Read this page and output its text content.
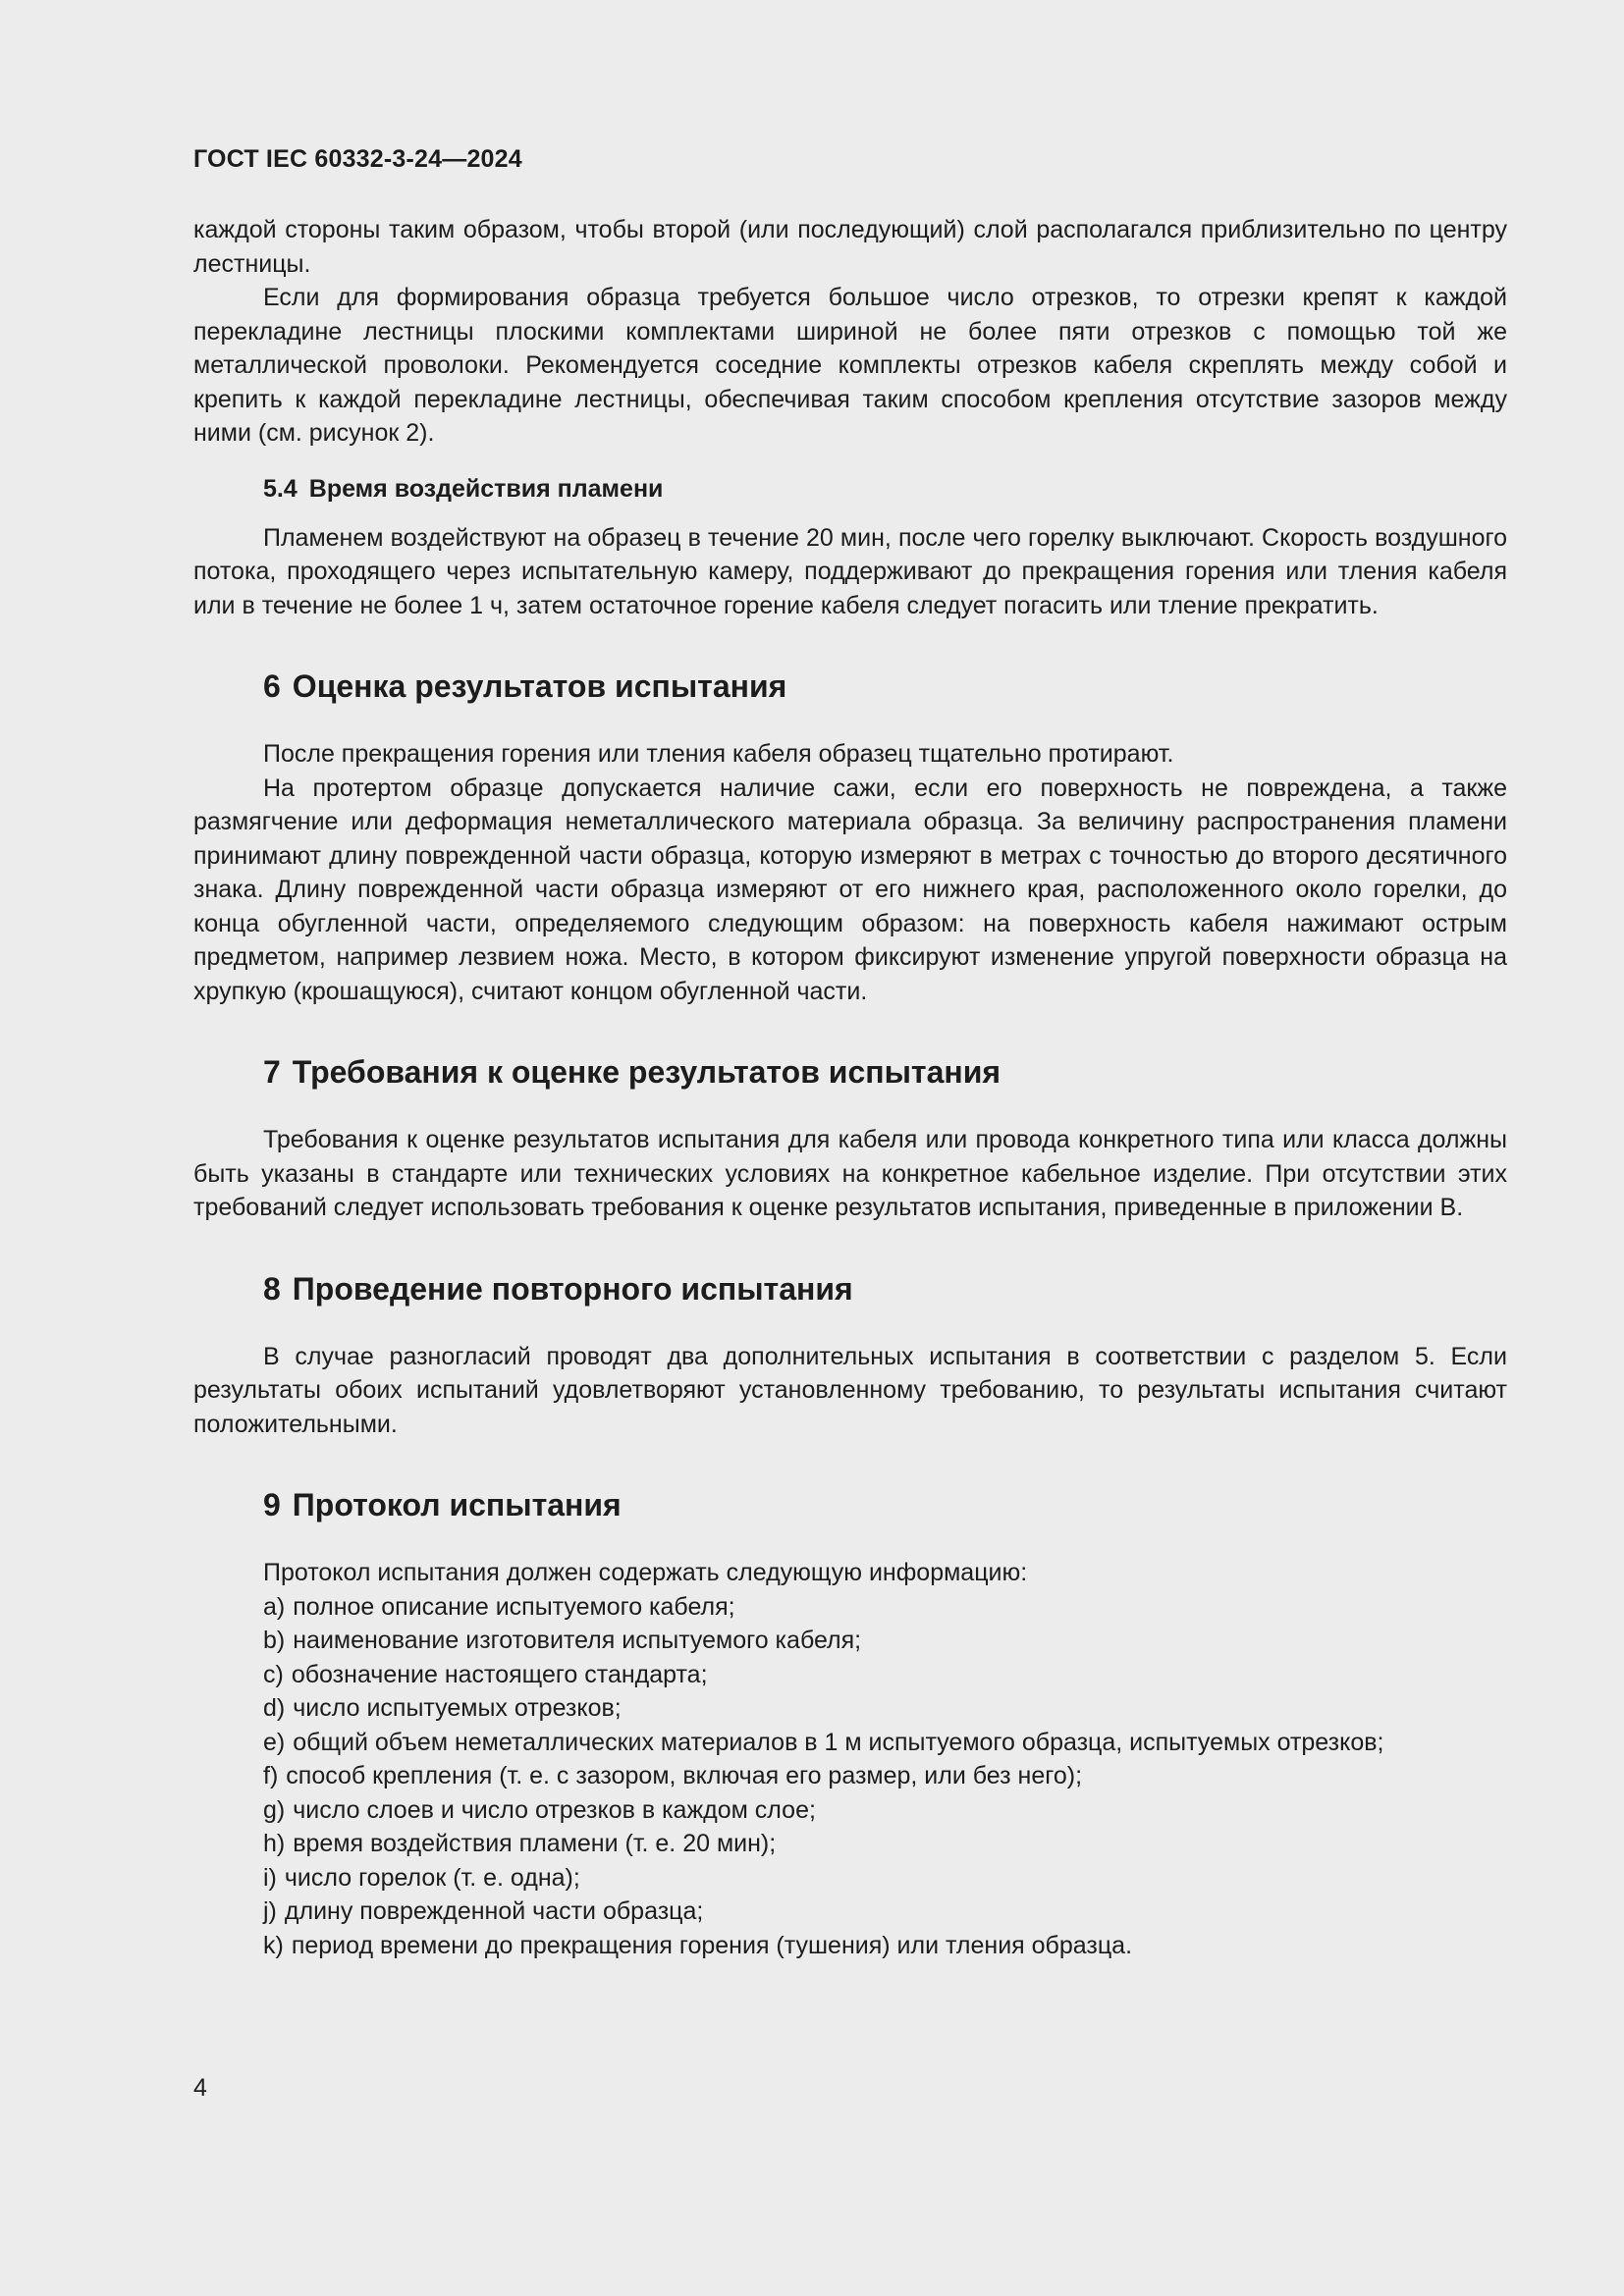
ГОСТ IEC 60332-3-24—2024

каждой стороны таким образом, чтобы второй (или последующий) слой располагался приблизительно по центру лестницы.

Если для формирования образца требуется большое число отрезков, то отрезки крепят к каждой перекладине лестницы плоскими комплектами шириной не более пяти отрезков с помощью той же металлической проволоки. Рекомендуется соседние комплекты отрезков кабеля скреплять между собой и крепить к каждой перекладине лестницы, обеспечивая таким способом крепления отсутствие зазоров между ними (см. рисунок 2).

5.4 Время воздействия пламени

Пламенем воздействуют на образец в течение 20 мин, после чего горелку выключают. Скорость воздушного потока, проходящего через испытательную камеру, поддерживают до прекращения горения или тления кабеля или в течение не более 1 ч, затем остаточное горение кабеля следует погасить или тление прекратить.

6 Оценка результатов испытания

После прекращения горения или тления кабеля образец тщательно протирают.

На протертом образце допускается наличие сажи, если его поверхность не повреждена, а также размягчение или деформация неметаллического материала образца. За величину распространения пламени принимают длину поврежденной части образца, которую измеряют в метрах с точностью до второго десятичного знака. Длину поврежденной части образца измеряют от его нижнего края, расположенного около горелки, до конца обугленной части, определяемого следующим образом: на поверхность кабеля нажимают острым предметом, например лезвием ножа. Место, в котором фиксируют изменение упругой поверхности образца на хрупкую (крошащуюся), считают концом обугленной части.

7 Требования к оценке результатов испытания

Требования к оценке результатов испытания для кабеля или провода конкретного типа или класса должны быть указаны в стандарте или технических условиях на конкретное кабельное изделие. При отсутствии этих требований следует использовать требования к оценке результатов испытания, приведенные в приложении В.

8 Проведение повторного испытания

В случае разногласий проводят два дополнительных испытания в соответствии с разделом 5. Если результаты обоих испытаний удовлетворяют установленному требованию, то результаты испытания считают положительными.

9 Протокол испытания

Протокол испытания должен содержать следующую информацию:

a) полное описание испытуемого кабеля;
b) наименование изготовителя испытуемого кабеля;
c) обозначение настоящего стандарта;
d) число испытуемых отрезков;
e) общий объем неметаллических материалов в 1 м испытуемого образца, испытуемых отрезков;
f) способ крепления (т. е. с зазором, включая его размер, или без него);
g) число слоев и число отрезков в каждом слое;
h) время воздействия пламени (т. е. 20 мин);
i) число горелок (т. е. одна);
j) длину поврежденной части образца;
k) период времени до прекращения горения (тушения) или тления образца.
4
